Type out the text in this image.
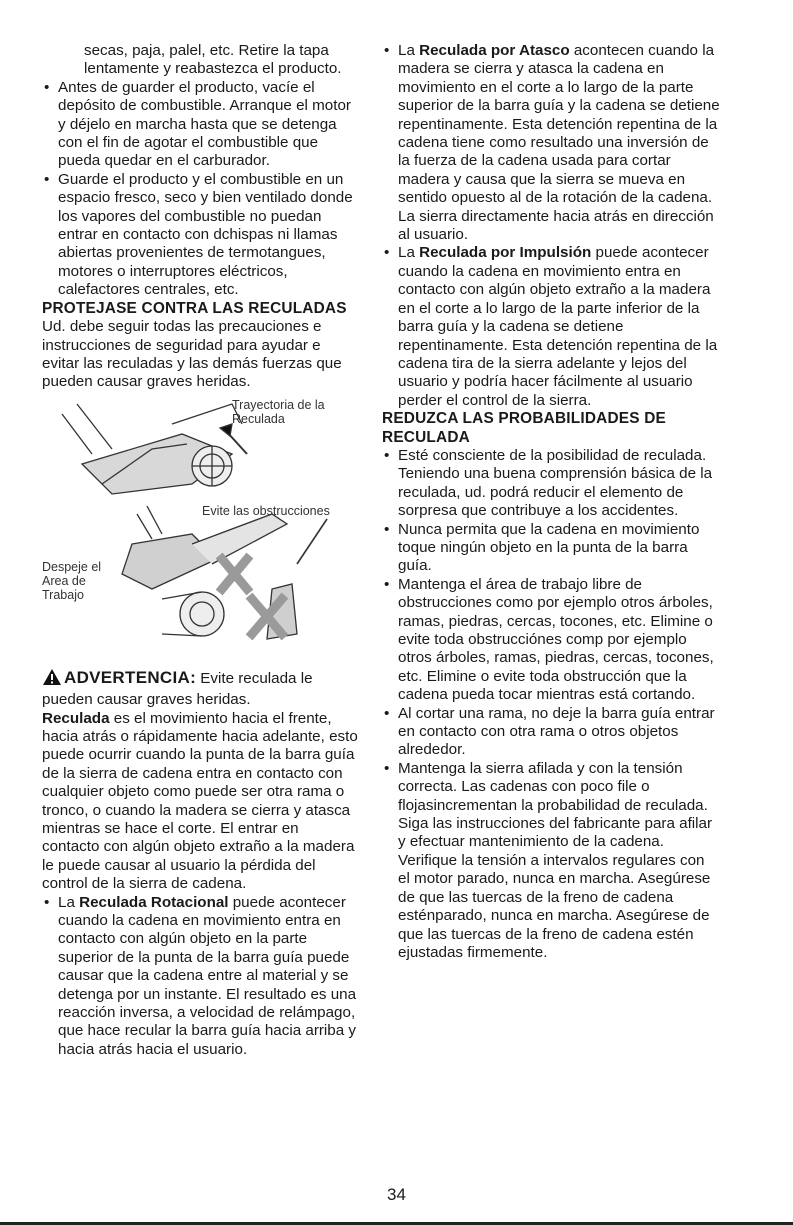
secas, paja, palel, etc. Retire la tapa

lentamente y reabastezca el producto.

• Antes de guarder el producto, vacíe el depósito de combustible. Arranque el motor y déjelo en marcha hasta que se detenga con el fin de agotar el combustible que pueda quedar en el carburador.
• Guarde el producto y el combustible en un espacio fresco, seco y bien ventilado donde los vapores del combustible no puedan entrar en contacto con dchispas ni llamas abiertas provenientes de termotangues, motores o interruptores eléctricos, calefactores centrales, etc.

PROTEJASE CONTRA LAS RECULADAS

Ud. debe seguir todas las precauciones e instrucciones de seguridad para ayudar e evitar las reculadas y las demás fuerzas que pueden causar graves heridas.

Trayectoria de la Reculada
Evite las obstrucciones
Despeje el Area de Trabajo

ADVERTENCIA: Evite reculada le pueden causar graves heridas.

Reculada es el movimiento hacia el frente, hacia atrás o rápidamente hacia adelante, esto puede ocurrir cuando la punta de la barra guía de la sierra de cadena entra en contacto con cualquier objeto como puede ser otra rama o tronco, o cuando la madera se cierra y atasca mientras se hace el corte. El entrar en contacto con algún objeto extraño a la madera le puede causar al usuario la pérdida del control de la sierra de cadena.

• La Reculada Rotacional puede acontecer cuando la cadena en movimiento entra en contacto con algún objeto en la parte superior de la punta de la barra guía puede causar que la cadena entre al material y se detenga por un instante. El resultado es una reacción inversa, a velocidad de relámpago, que hace recular la barra guía hacia arriba y hacia atrás hacia el usuario.
• La Reculada por Atasco acontecen cuando la madera se cierra y atasca la cadena en movimiento en el corte a lo largo de la parte superior de la barra guía y la cadena se detiene repentinamente. Esta detención repentina de la cadena tiene como resultado una inversión de la fuerza de la cadena usada para cortar madera y causa que la sierra se mueva en sentido opuesto al de la rotación de la cadena. La sierra directamente hacia atrás en dirección al usuario.
• La Reculada por Impulsión puede acontecer cuando la cadena en movimiento entra en contacto con algún objeto extraño a la madera en el corte a lo largo de la parte inferior de la barra guía y la cadena se detiene repentinamente. Esta detención repentina de la cadena tira de la sierra adelante y lejos del usuario y podría hacer fácilmente al usuario perder el control de la sierra.

REDUZCA LAS PROBABILIDADES DE RECULADA

• Esté consciente de la posibilidad de reculada. Teniendo una buena comprensión básica de la reculada, ud. podrá reducir el elemento de sorpresa que contribuye a los accidentes.
• Nunca permita que la cadena en movimiento toque ningún objeto en la punta de la barra guía.
• Mantenga el área de trabajo libre de obstrucciones como por ejemplo otros árboles, ramas, piedras, cercas, tocones, etc. Elimine o evite toda obstrucciónes comp por ejemplo otros árboles, ramas, piedras, cercas, tocones, etc. Elimine o evite toda obstrucción que la cadena pueda tocar mientras está cortando.
• Al cortar una rama, no deje la barra guía entrar en contacto con otra rama o otros objetos alrededor.
• Mantenga la sierra afilada y con la tensión correcta. Las cadenas con poco file o flojasincrementan la probabilidad de reculada. Siga las instrucciones del fabricante para afilar y efectuar mantenimiento de la cadena. Verifique la tensión a intervalos regulares con el motor parado, nunca en marcha. Asegúrese de que las tuercas de la freno de cadena esténparado, nunca en marcha. Asegúrese de que las tuercas de la freno de cadena estén ejustadas firmemente.
34
